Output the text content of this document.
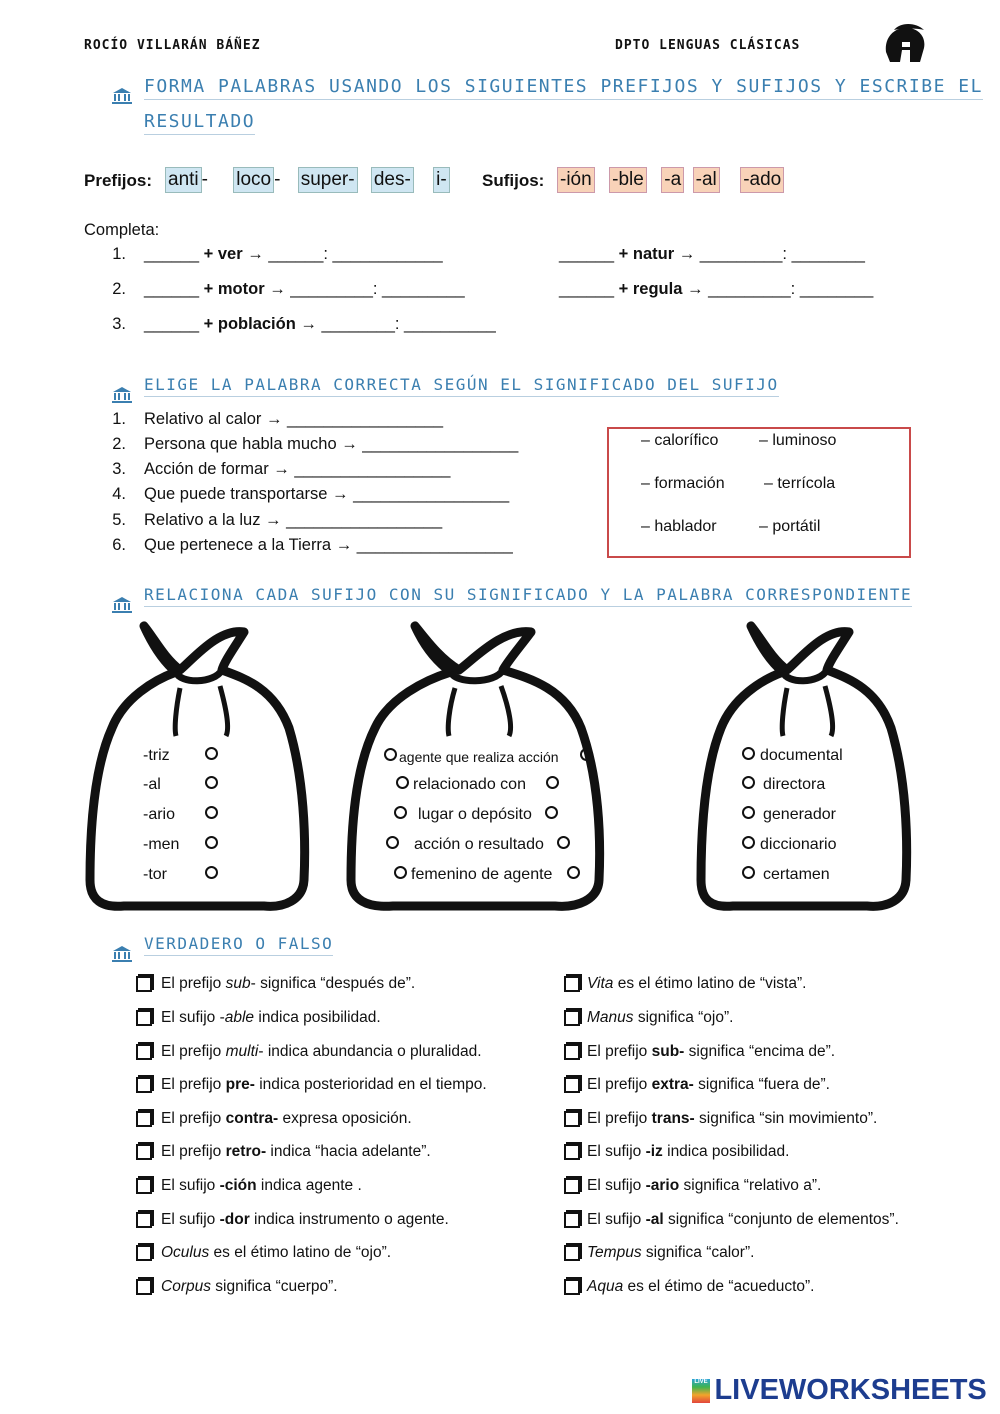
ROCÍO VILLARÁN BÁÑEZ	DPTO LENGUAS CLÁSICAS
FORMA PALABRAS USANDO LOS SIGUIENTES PREFIJOS Y SUFIJOS Y ESCRIBE EL
RESULTADO
Prefijos: anti - loco - super- des- i- Sufijos: -ión -ble -a -al -ado
Completa:
1. ______ + ver → ______: ____________	______ + natur → _________: ________
2. ______ + motor → _________: _________	______ + regula → _________: ________
3. ______ + población → ________: __________
ELIGE LA PALABRA CORRECTA SEGÚN EL SIGNIFICADO DEL SUFIJO
1. Relativo al calor → _________________
2. Persona que habla mucho → _________________
3. Acción de formar → _________________
4. Que puede transportarse → _________________
5. Relativo a la luz → _________________
6. Que pertenece a la Tierra → _________________
– calorífico	– luminoso
– formación – terrícola
– hablador	– portátil
RELACIONA CADA SUFIJO CON SU SIGNIFICADO Y LA PALABRA CORRESPONDIENTE
-triz
-al
-ario
-men
-tor
agente que realiza acción
relacionado con
lugar o depósito
acción o resultado
femenino de agente
documental
directora
generador
diccionario
certamen
VERDADERO O FALSO
El prefijo sub- significa “después de”.
El sufijo -able indica posibilidad.
El prefijo multi- indica abundancia o pluralidad.
El prefijo pre- indica posterioridad en el tiempo.
El prefijo contra- expresa oposición.
El prefijo retro- indica “hacia adelante”.
El sufijo -ción indica agente .
El sufijo -dor indica instrumento o agente.
Oculus es el étimo latino de “ojo”.
Corpus significa “cuerpo”.
Vita es el étimo latino de “vista”.
Manus significa “ojo”.
El prefijo sub- significa “encima de”.
El prefijo extra- significa “fuera de”.
El prefijo trans- significa “sin movimiento”.
El sufijo -iz indica posibilidad.
El sufijo -ario significa “relativo a”.
El sufijo -al significa “conjunto de elementos”.
Tempus significa “calor”.
Aqua es el étimo de “acueducto”.
LIVE LIVEWORKSHEETS
